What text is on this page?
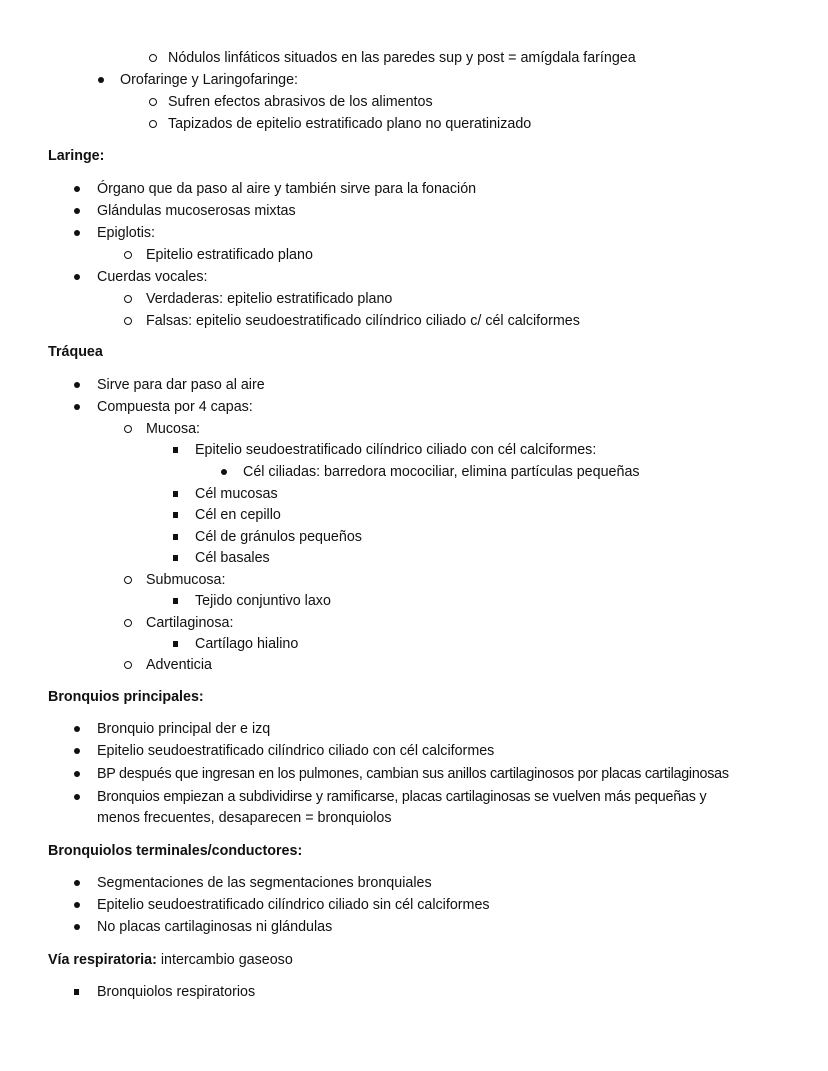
Nódulos linfáticos situados en las paredes sup y post = amígdala faríngea
Orofaringe y Laringofaringe:
Sufren efectos abrasivos de los alimentos
Tapizados de epitelio estratificado plano no queratinizado
Laringe:
Órgano que da paso al aire y también sirve para la fonación
Glándulas mucoserosas mixtas
Epiglotis:
Epitelio estratificado plano
Cuerdas vocales:
Verdaderas: epitelio estratificado plano
Falsas: epitelio seudoestratificado cilíndrico ciliado c/ cél calciformes
Tráquea
Sirve para dar paso al aire
Compuesta por 4 capas:
Mucosa:
Epitelio seudoestratificado cilíndrico ciliado con cél calciformes:
Cél ciliadas: barredora mocociliar, elimina partículas pequeñas
Cél mucosas
Cél en cepillo
Cél de gránulos pequeños
Cél basales
Submucosa:
Tejido conjuntivo laxo
Cartilaginosa:
Cartílago hialino
Adventicia
Bronquios principales:
Bronquio principal der e izq
Epitelio seudoestratificado cilíndrico ciliado con cél calciformes
BP después que ingresan en los pulmones, cambian sus anillos cartilaginosos por placas cartilaginosas
Bronquios empiezan a subdividirse y ramificarse, placas cartilaginosas se vuelven más pequeñas y
menos frecuentes, desaparecen = bronquiolos
Bronquiolos terminales/conductores:
Segmentaciones de las segmentaciones bronquiales
Epitelio seudoestratificado cilíndrico ciliado sin cél calciformes
No placas cartilaginosas ni glándulas
Vía respiratoria: intercambio gaseoso
Bronquiolos respiratorios
